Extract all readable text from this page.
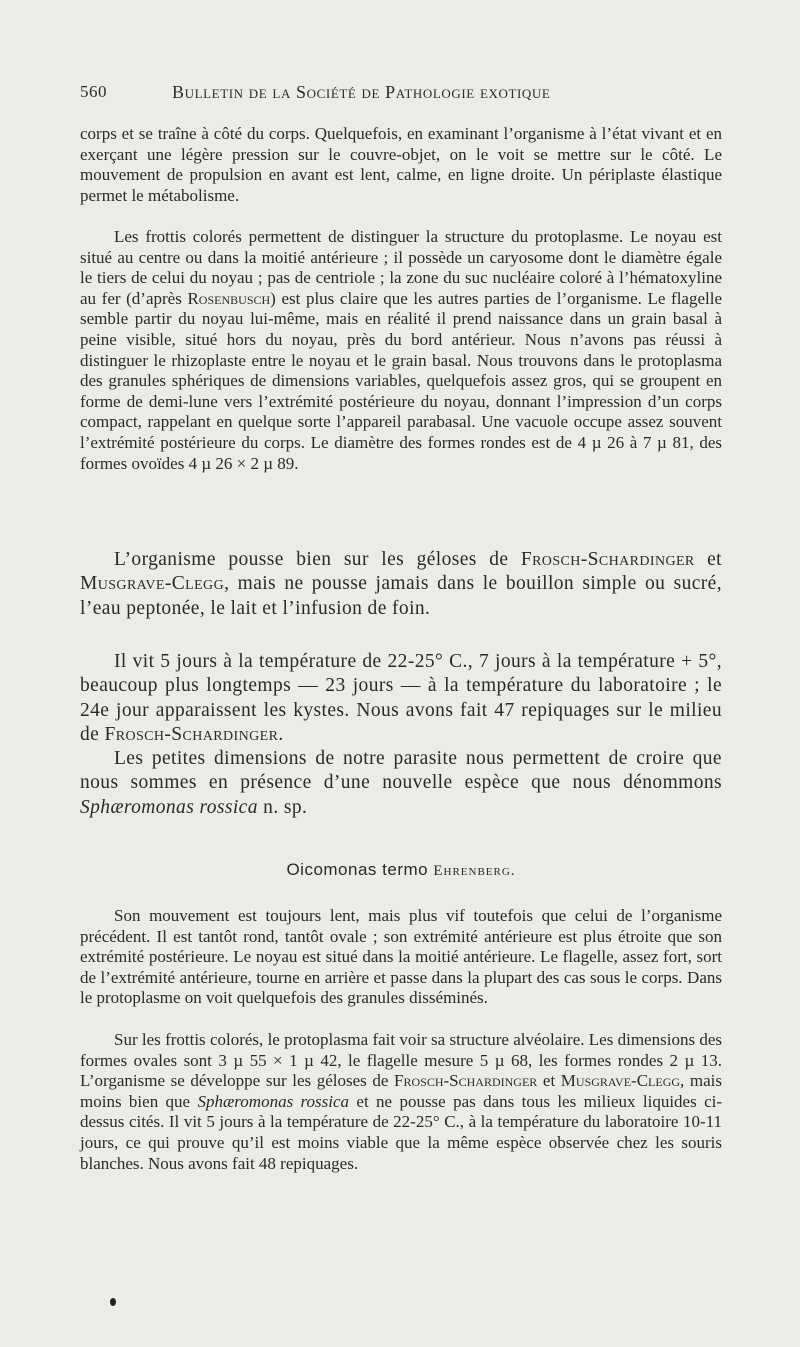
560	Bulletin de la Société de Pathologie exotique

corps et se traîne à côté du corps. Quelquefois, en examinant l’organisme à l’état vivant et en exerçant une légère pression sur le couvre-objet, on le voit se mettre sur le côté. Le mouvement de propulsion en avant est lent, calme, en ligne droite. Un périplaste élastique permet le métabolisme.

Les frottis colorés permettent de distinguer la structure du protoplasme. Le noyau est situé au centre ou dans la moitié antérieure ; il possède un caryosome dont le diamètre égale le tiers de celui du noyau ; pas de centriole ; la zone du suc nucléaire coloré à l’hématoxyline au fer (d’après Rosenbusch) est plus claire que les autres parties de l’organisme. Le flagelle semble partir du noyau lui-même, mais en réalité il prend naissance dans un grain basal à peine visible, situé hors du noyau, près du bord antérieur. Nous n’avons pas réussi à distinguer le rhizoplaste entre le noyau et le grain basal. Nous trouvons dans le protoplasma des granules sphériques de dimensions variables, quelquefois assez gros, qui se groupent en forme de demi-lune vers l’extrémité postérieure du noyau, donnant l’impression d’un corps compact, rappelant en quelque sorte l’appareil parabasal. Une vacuole occupe assez souvent l’extrémité postérieure du corps. Le diamètre des formes rondes est de 4 µ 26 à 7 µ 81, des formes ovoïdes 4 µ 26 × 2 µ 89.

L’organisme pousse bien sur les géloses de Frosch-Schardinger et Musgrave-Clegg, mais ne pousse jamais dans le bouillon simple ou sucré, l’eau peptonée, le lait et l’infusion de foin.

Il vit 5 jours à la température de 22-25° C., 7 jours à la température + 5°, beaucoup plus longtemps — 23 jours — à la température du laboratoire ; le 24e jour apparaissent les kystes. Nous avons fait 47 repiquages sur le milieu de Frosch-Schardinger.

Les petites dimensions de notre parasite nous permettent de croire que nous sommes en présence d’une nouvelle espèce que nous dénommons Sphæromonas rossica n. sp.

Oicomonas termo Ehrenberg.

Son mouvement est toujours lent, mais plus vif toutefois que celui de l’organisme précédent. Il est tantôt rond, tantôt ovale ; son extrémité antérieure est plus étroite que son extrémité postérieure. Le noyau est situé dans la moitié antérieure. Le flagelle, assez fort, sort de l’extrémité antérieure, tourne en arrière et passe dans la plupart des cas sous le corps. Dans le protoplasme on voit quelquefois des granules disséminés.

Sur les frottis colorés, le protoplasma fait voir sa structure alvéolaire. Les dimensions des formes ovales sont 3 µ 55 × 1 µ 42, le flagelle mesure 5 µ 68, les formes rondes 2 µ 13. L’organisme se développe sur les géloses de Frosch-Schardinger et Musgrave-Clegg, mais moins bien que Sphæromonas rossica et ne pousse pas dans tous les milieux liquides ci-dessus cités. Il vit 5 jours à la température de 22-25° C., à la température du laboratoire 10-11 jours, ce qui prouve qu’il est moins viable que la même espèce observée chez les souris blanches. Nous avons fait 48 repiquages.
